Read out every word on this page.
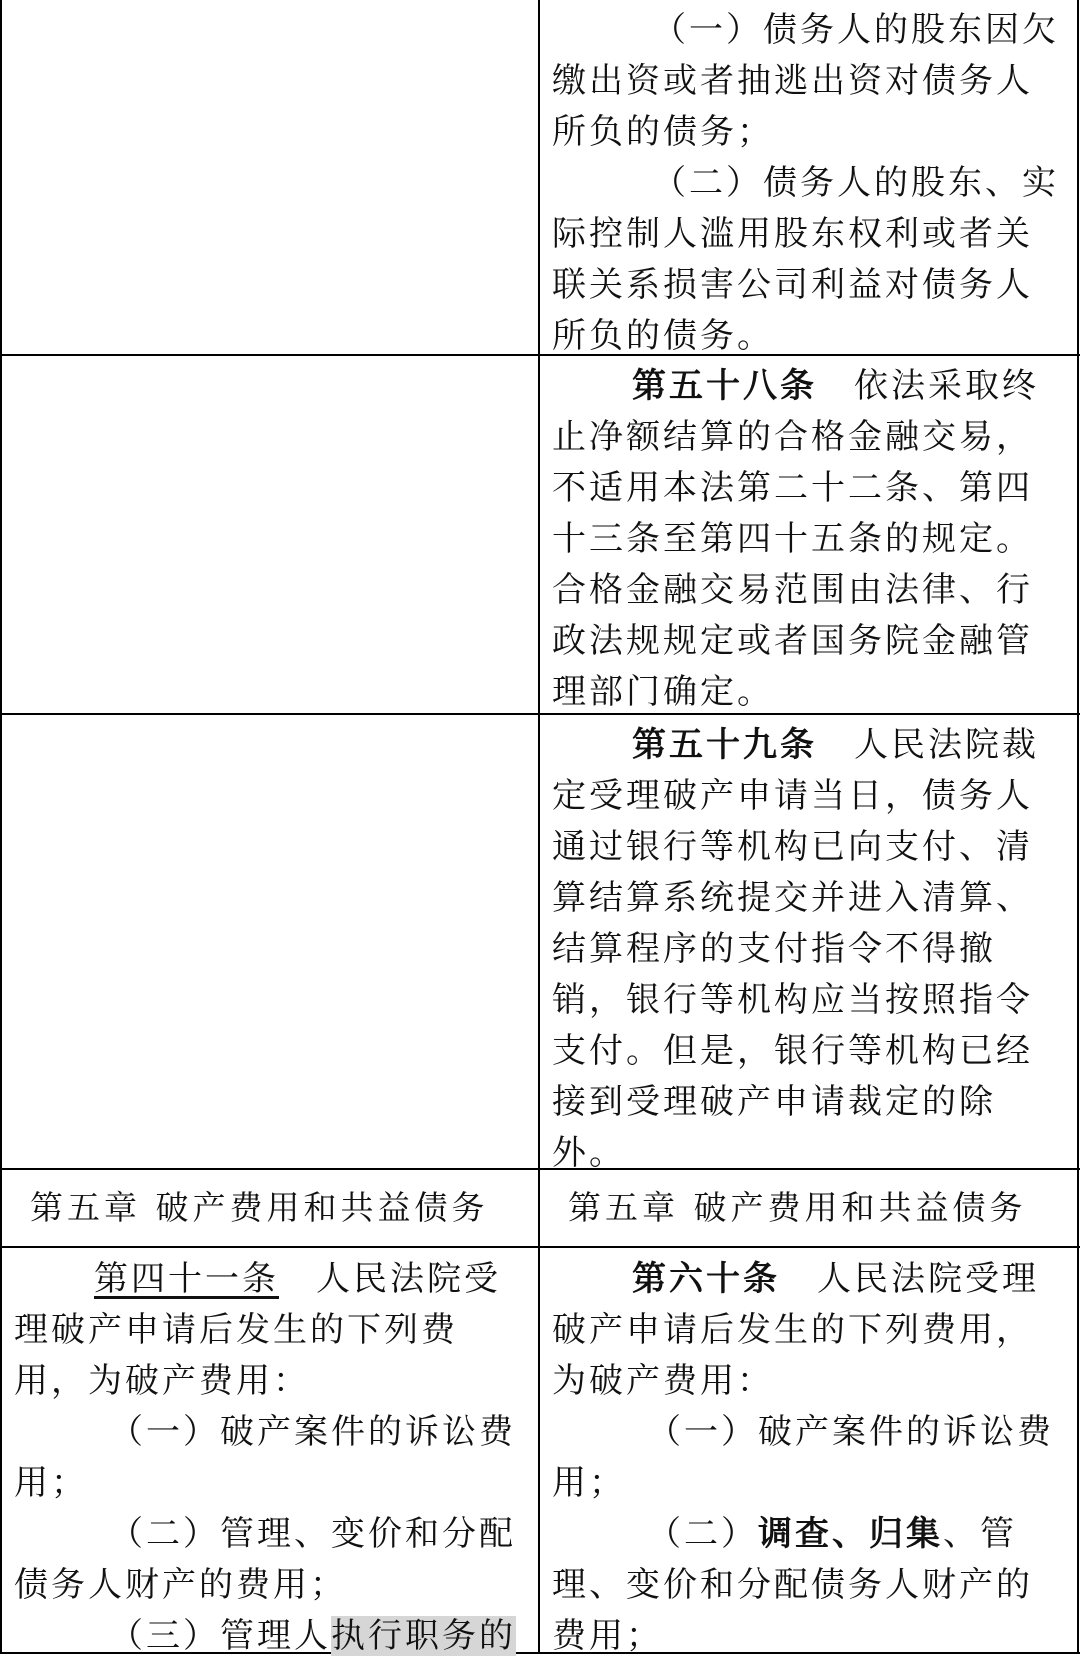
（一）债务人的股东因欠缴出资或者抽逃出资对债务人所负的债务；

（二）债务人的股东、实际控制人滥用股东权利或者关联关系损害公司利益对债务人所负的债务。

第五十八条　 依法采取终止净额结算的合格金融交易，不适用本法第二十二条、第四十三条至第四十五条的规定。合格金融交易范围由法律、行政法规规定或者国务院金融管理部门确定。

第五十九条　 人民法院裁定受理破产申请当日，债务人通过银行等机构已向支付、清算结算系统提交并进入清算、结算程序的支付指令不得撤销，银行等机构应当按照指令支付。但是，银行等机构已经接到受理破产申请裁定的除外。

第五章 破产费用和共益债务 第五章 破产费用和共益债务

第四十一条　 人民法院受理破产申请后发生的下列费用，为破产费用：

（一）破产案件的诉讼费用；

（二）管理、变价和分配债务人财产的费用；

（三）管理人执行职务的

第六十条　 人民法院受理破产申请后发生的下列费用，为破产费用：

（一）破产案件的诉讼费用；

（二）调查、归集、管理、变价和分配债务人财产的费用；
